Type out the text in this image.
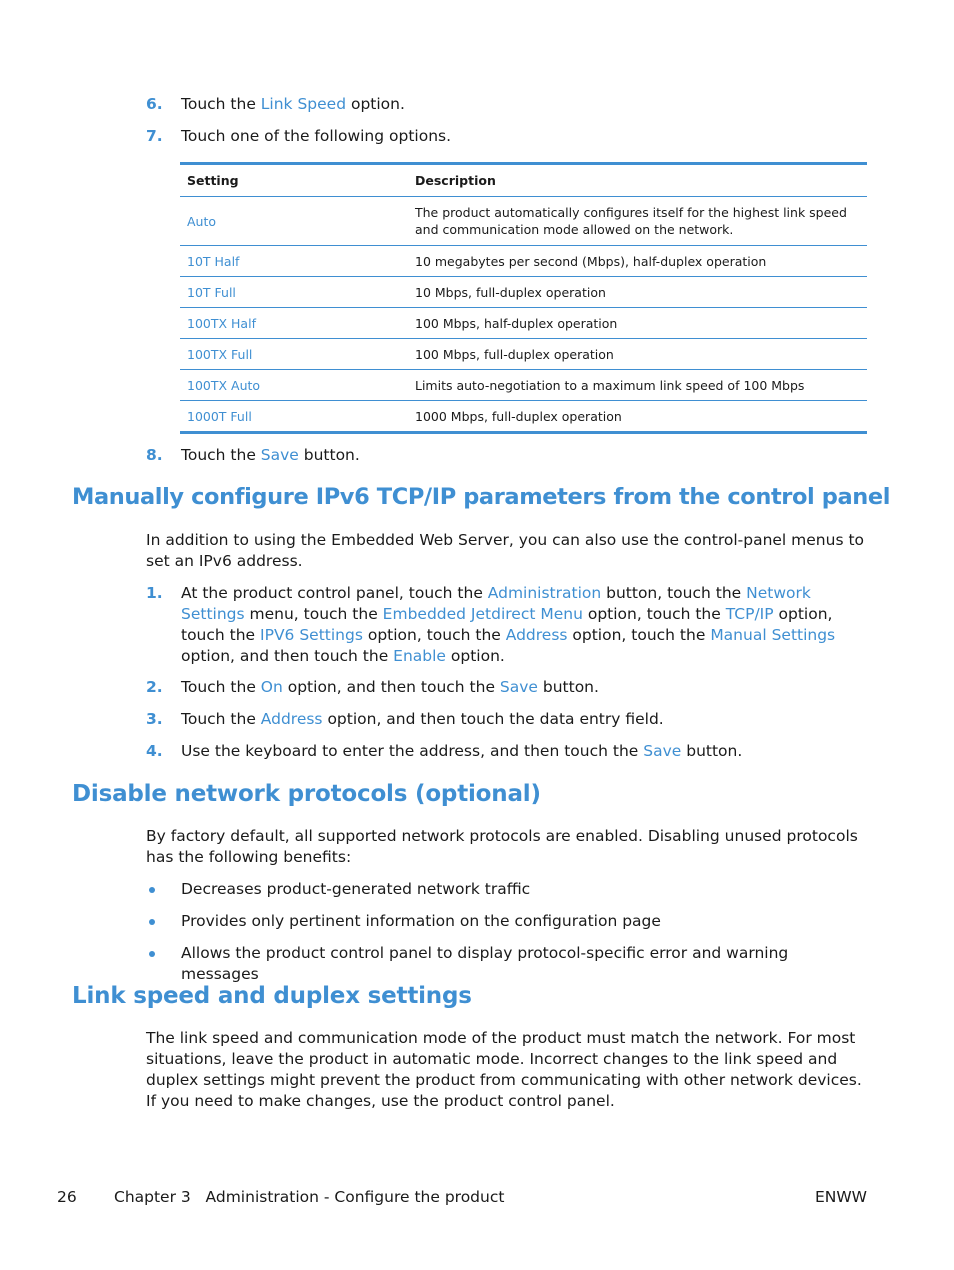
6.	Touch the Link Speed option.
7.	Touch one of the following options.
Setting	Description
Auto	The product automatically configures itself for the highest link speed and communication mode allowed on the network.
10T Half	10 megabytes per second (Mbps), half-duplex operation
10T Full	10 Mbps, full-duplex operation
100TX Half	100 Mbps, half-duplex operation
100TX Full	100 Mbps, full-duplex operation
100TX Auto	Limits auto-negotiation to a maximum link speed of 100 Mbps
1000T Full	1000 Mbps, full-duplex operation
8.	Touch the Save button.
Manually configure IPv6 TCP/IP parameters from the control panel

In addition to using the Embedded Web Server, you can also use the control-panel menus to set an IPv6 address.

1.	At the product control panel, touch the Administration button, touch the Network Settings menu, touch the Embedded Jetdirect Menu option, touch the TCP/IP option, touch the IPV6 Settings option, touch the Address option, touch the Manual Settings option, and then touch the Enable option.
2.	Touch the On option, and then touch the Save button.
3.	Touch the Address option, and then touch the data entry field.
4.	Use the keyboard to enter the address, and then touch the Save button.
Disable network protocols (optional)

By factory default, all supported network protocols are enabled. Disabling unused protocols has the following benefits:

Decreases product-generated network traffic
Provides only pertinent information on the configuration page
Allows the product control panel to display protocol-specific error and warning messages
Link speed and duplex settings

The link speed and communication mode of the product must match the network. For most situations, leave the product in automatic mode. Incorrect changes to the link speed and duplex settings might prevent the product from communicating with other network devices. If you need to make changes, use the product control panel.

26 Chapter 3   Administration - Configure the product	ENWW
